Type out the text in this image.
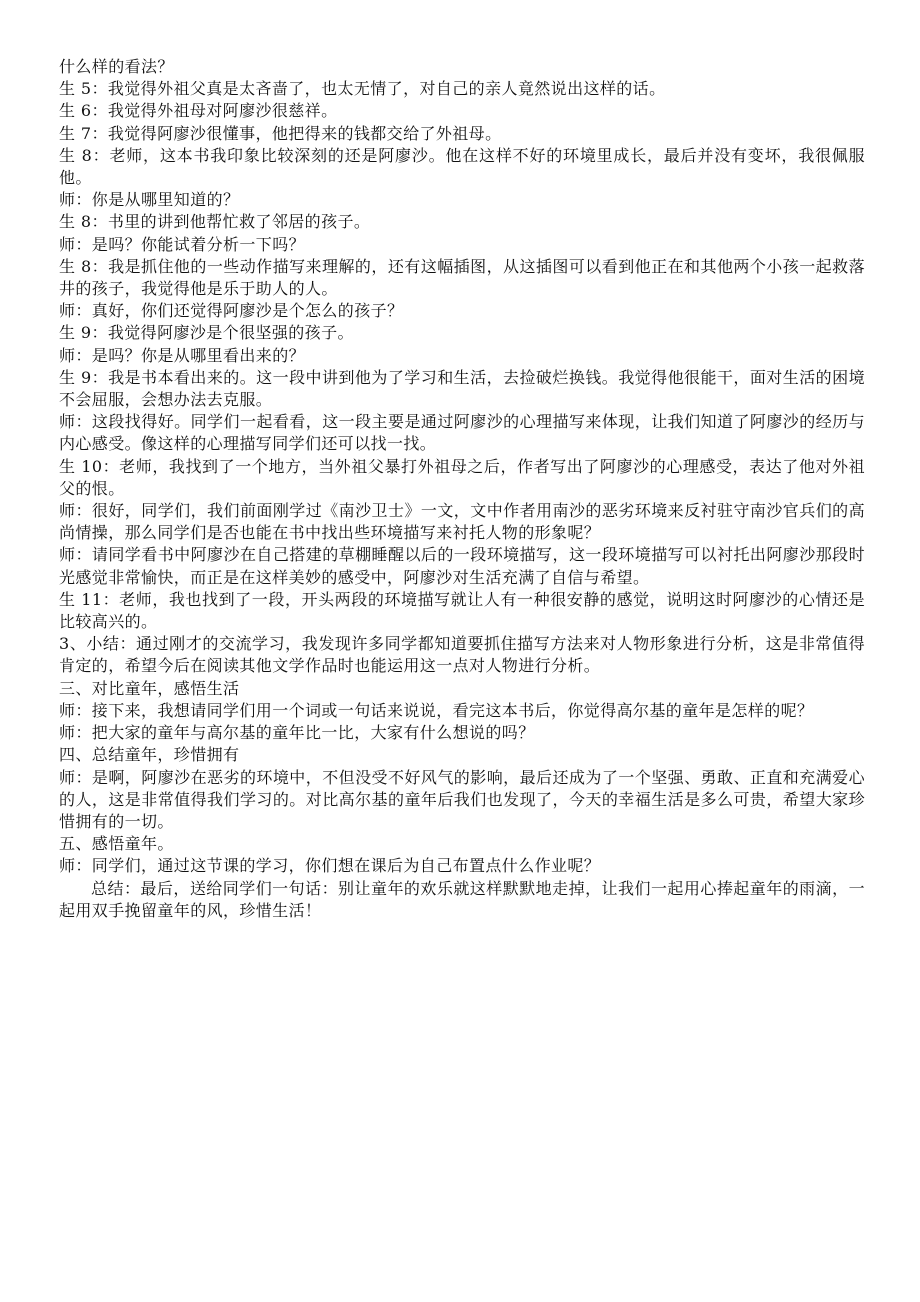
什么样的看法？

生 5：我觉得外祖父真是太吝啬了，也太无情了，对自己的亲人竟然说出这样的话。

生 6：我觉得外祖母对阿廖沙很慈祥。

生 7：我觉得阿廖沙很懂事，他把得来的钱都交给了外祖母。

生 8：老师，这本书我印象比较深刻的还是阿廖沙。他在这样不好的环境里成长，最后并没有变坏，我很佩服他。

师：你是从哪里知道的？

生 8：书里的讲到他帮忙救了邻居的孩子。

师：是吗？你能试着分析一下吗？

生 8：我是抓住他的一些动作描写来理解的，还有这幅插图，从这插图可以看到他正在和其他两个小孩一起救落井的孩子，我觉得他是乐于助人的人。

师：真好，你们还觉得阿廖沙是个怎么的孩子？

生 9：我觉得阿廖沙是个很坚强的孩子。

师：是吗？你是从哪里看出来的？

生 9：我是书本看出来的。这一段中讲到他为了学习和生活，去捡破烂换钱。我觉得他很能干，面对生活的困境不会屈服，会想办法去克服。

师：这段找得好。同学们一起看看，这一段主要是通过阿廖沙的心理描写来体现，让我们知道了阿廖沙的经历与内心感受。像这样的心理描写同学们还可以找一找。

生 10：老师，我找到了一个地方，当外祖父暴打外祖母之后，作者写出了阿廖沙的心理感受，表达了他对外祖父的恨。

师：很好，同学们，我们前面刚学过《南沙卫士》一文，文中作者用南沙的恶劣环境来反衬驻守南沙官兵们的高尚情操，那么同学们是否也能在书中找出些环境描写来衬托人物的形象呢？

师：请同学看书中阿廖沙在自己搭建的草棚睡醒以后的一段环境描写，这一段环境描写可以衬托出阿廖沙那段时光感觉非常愉快，而正是在这样美妙的感受中，阿廖沙对生活充满了自信与希望。

生 11：老师，我也找到了一段，开头两段的环境描写就让人有一种很安静的感觉，说明这时阿廖沙的心情还是比较高兴的。

3、小结：通过刚才的交流学习，我发现许多同学都知道要抓住描写方法来对人物形象进行分析，这是非常值得肯定的，希望今后在阅读其他文学作品时也能运用这一点对人物进行分析。

三、对比童年，感悟生活

师：接下来，我想请同学们用一个词或一句话来说说，看完这本书后，你觉得高尔基的童年是怎样的呢？

师：把大家的童年与高尔基的童年比一比，大家有什么想说的吗？

四、总结童年，珍惜拥有

师：是啊，阿廖沙在恶劣的环境中，不但没受不好风气的影响，最后还成为了一个坚强、勇敢、正直和充满爱心的人，这是非常值得我们学习的。对比高尔基的童年后我们也发现了，今天的幸福生活是多么可贵，希望大家珍惜拥有的一切。

五、感悟童年。

师：同学们，通过这节课的学习，你们想在课后为自己布置点什么作业呢？

总结：最后，送给同学们一句话：别让童年的欢乐就这样默默地走掉，让我们一起用心捧起童年的雨滴，一起用双手挽留童年的风，珍惜生活！
